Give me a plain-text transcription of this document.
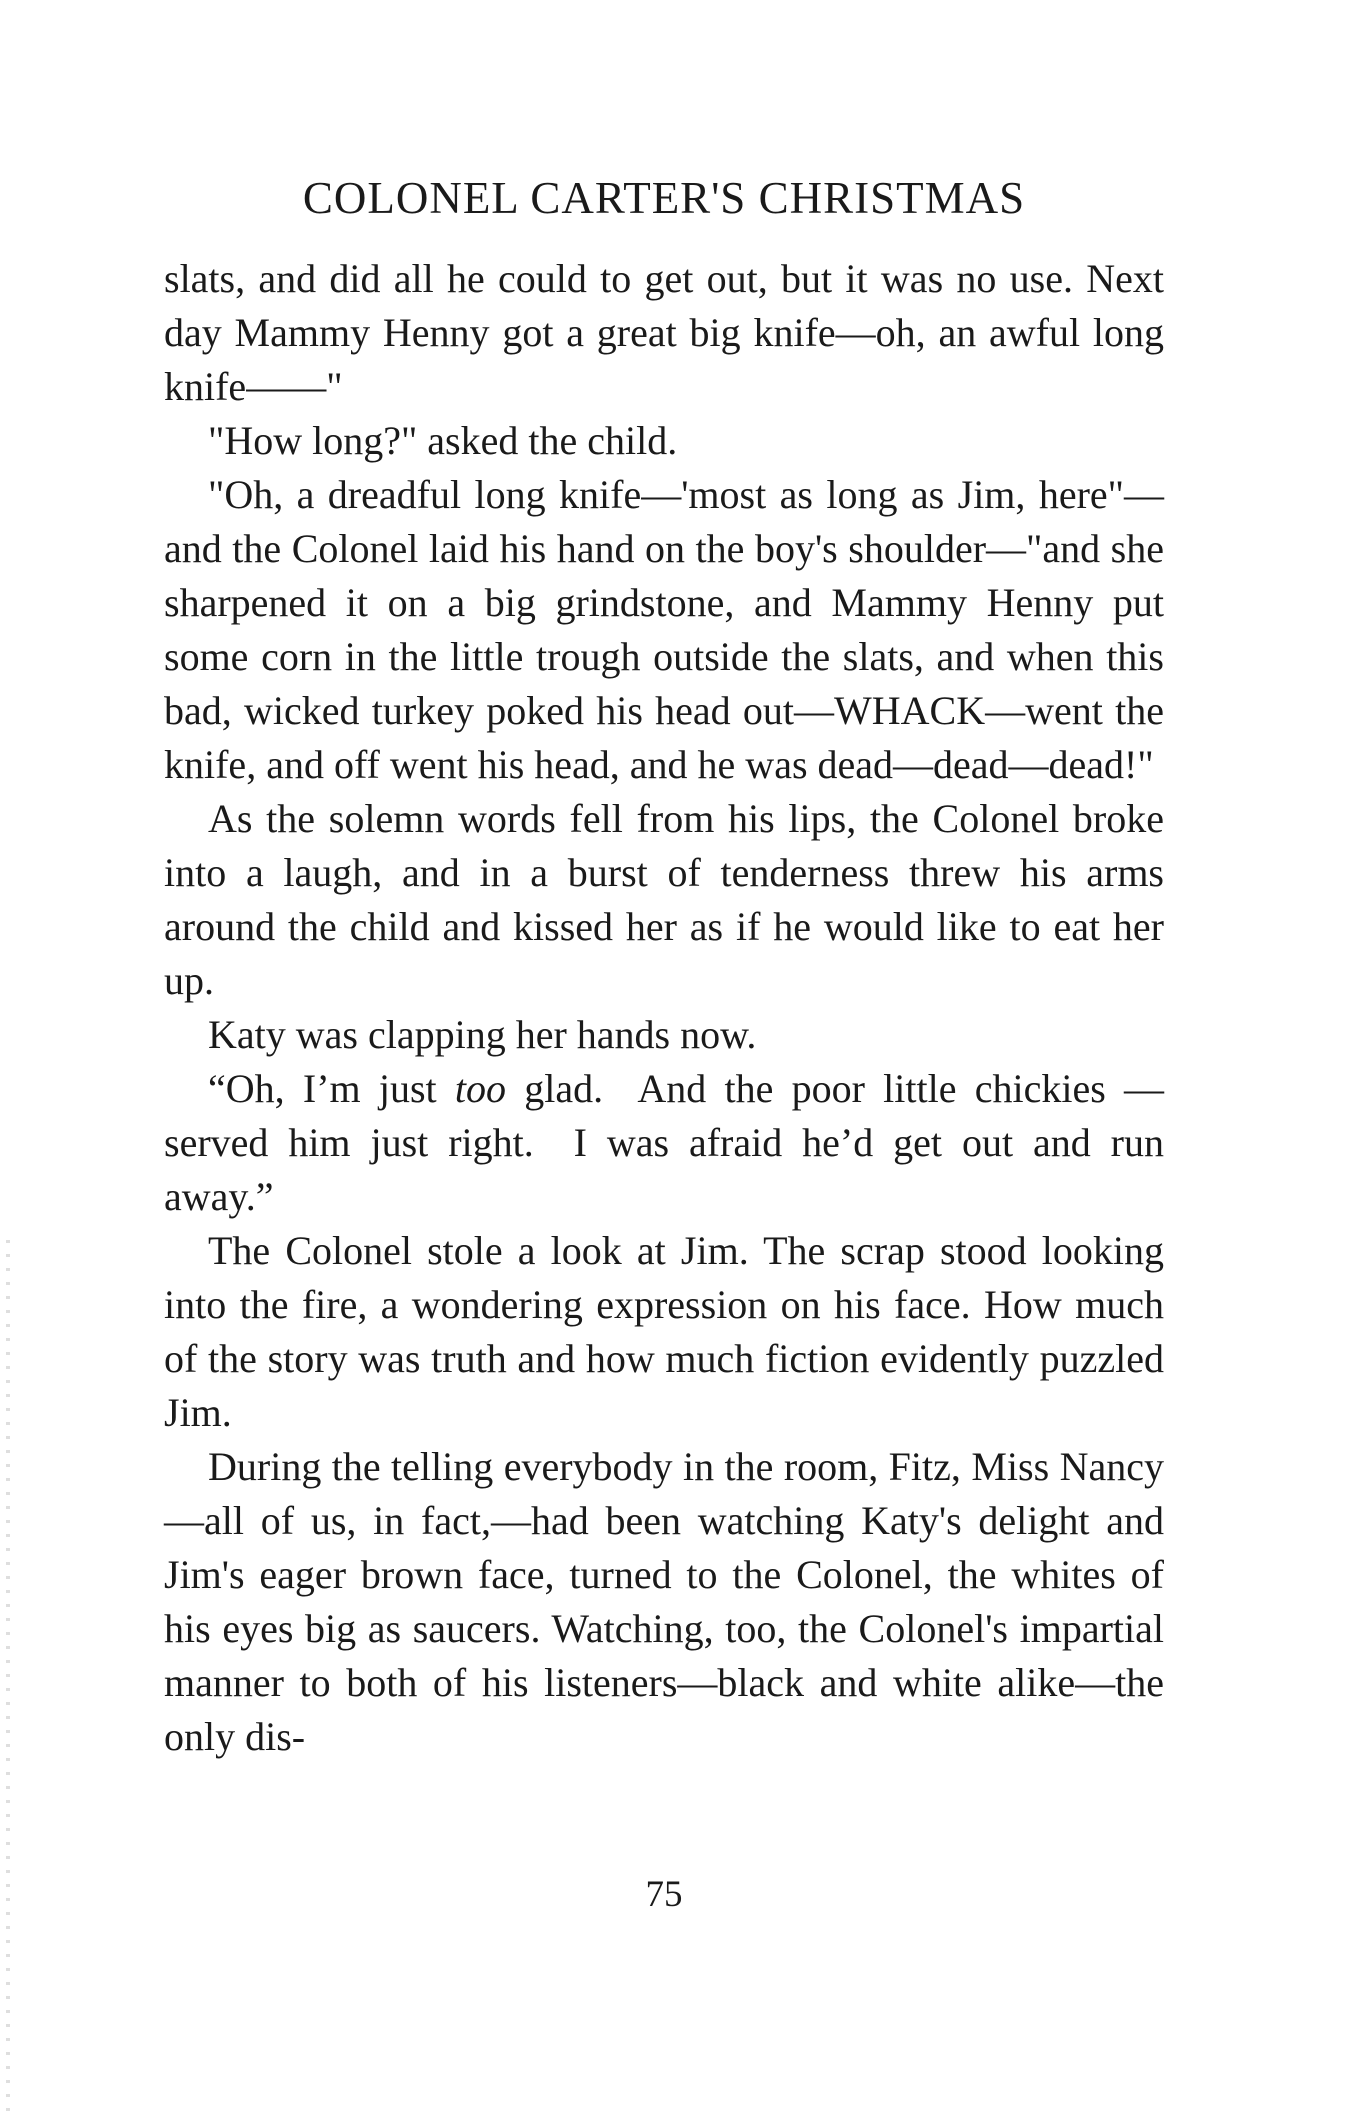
COLONEL CARTER'S CHRISTMAS

slats, and did all he could to get out, but it was no use. Next day Mammy Henny got a great big knife—oh, an awful long knife——"

"How long?" asked the child.

"Oh, a dreadful long knife—'most as long as Jim, here"—and the Colonel laid his hand on the boy's shoulder—"and she sharpened it on a big grindstone, and Mammy Henny put some corn in the little trough outside the slats, and when this bad, wicked turkey poked his head out—WHACK—went the knife, and off went his head, and he was dead—dead—dead!"

As the solemn words fell from his lips, the Colonel broke into a laugh, and in a burst of tenderness threw his arms around the child and kissed her as if he would like to eat her up.

Katy was clapping her hands now.

“Oh, I’m just too glad.  And the poor little chickies —served him just right.  I was afraid he’d get out and run away.”

The Colonel stole a look at Jim. The scrap stood looking into the fire, a wondering expression on his face. How much of the story was truth and how much fiction evidently puzzled Jim.

During the telling everybody in the room, Fitz, Miss Nancy—all of us, in fact,—had been watching Katy's delight and Jim's eager brown face, turned to the Colonel, the whites of his eyes big as saucers. Watching, too, the Colonel's impartial manner to both of his listeners—black and white alike—the only dis-

75
